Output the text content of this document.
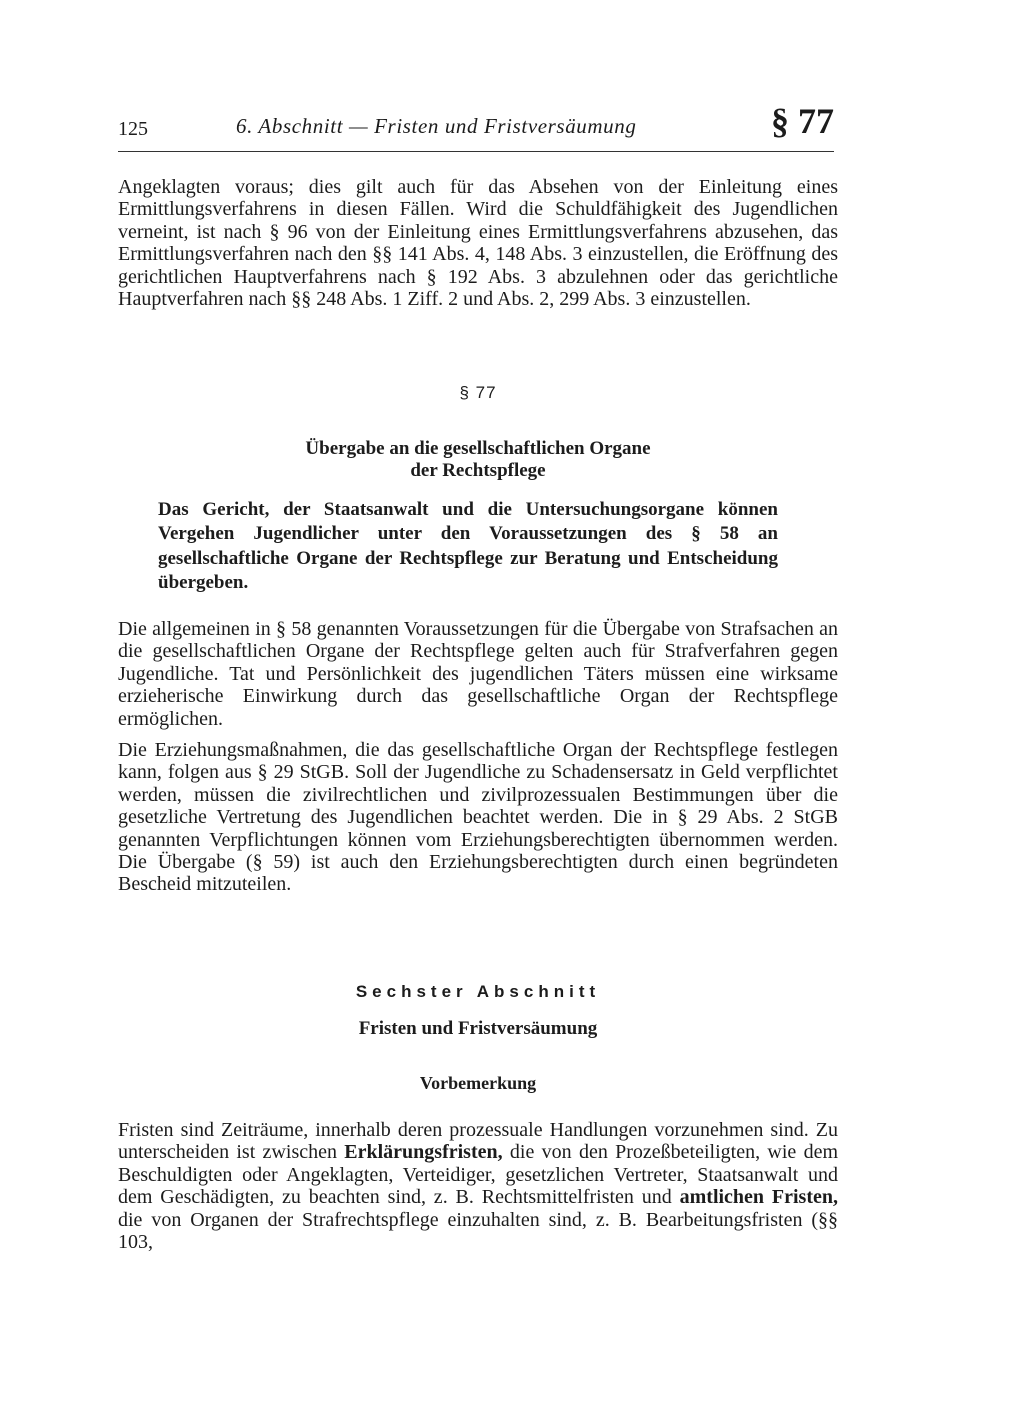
125	6. Abschnitt — Fristen und Fristversäumung	§ 77

Angeklagten voraus; dies gilt auch für das Absehen von der Einleitung eines Ermittlungsverfahrens in diesen Fällen. Wird die Schuldfähigkeit des Jugendlichen verneint, ist nach § 96 von der Einleitung eines Ermittlungsverfahrens abzusehen, das Ermittlungsverfahren nach den §§ 141 Abs. 4, 148 Abs. 3 einzustellen, die Eröffnung des gerichtlichen Hauptverfahrens nach § 192 Abs. 3 abzulehnen oder das gerichtliche Hauptverfahren nach §§ 248 Abs. 1 Ziff. 2 und Abs. 2, 299 Abs. 3 einzustellen.

§ 77
Übergabe an die gesellschaftlichen Organe
der Rechtspflege

Das Gericht, der Staatsanwalt und die Untersuchungsorgane können Vergehen Jugendlicher unter den Voraussetzungen des § 58 an gesellschaftliche Organe der Rechtspflege zur Beratung und Entscheidung übergeben.

Die allgemeinen in § 58 genannten Voraussetzungen für die Übergabe von Strafsachen an die gesellschaftlichen Organe der Rechtspflege gelten auch für Strafverfahren gegen Jugendliche. Tat und Persönlichkeit des jugendlichen Täters müssen eine wirksame erzieherische Einwirkung durch das gesellschaftliche Organ der Rechtspflege ermöglichen.

Die Erziehungsmaßnahmen, die das gesellschaftliche Organ der Rechtspflege festlegen kann, folgen aus § 29 StGB. Soll der Jugendliche zu Schadensersatz in Geld verpflichtet werden, müssen die zivilrechtlichen und zivilprozessualen Bestimmungen über die gesetzliche Vertretung des Jugendlichen beachtet werden. Die in § 29 Abs. 2 StGB genannten Verpflichtungen können vom Erziehungsberechtigten übernommen werden. Die Übergabe (§ 59) ist auch den Erziehungsberechtigten durch einen begründeten Bescheid mitzuteilen.

Sechster Abschnitt
Fristen und Fristversäumung
Vorbemerkung

Fristen sind Zeiträume, innerhalb deren prozessuale Handlungen vorzunehmen sind. Zu unterscheiden ist zwischen Erklärungsfristen, die von den Prozeßbeteiligten, wie dem Beschuldigten oder Angeklagten, Verteidiger, gesetzlichen Vertreter, Staatsanwalt und dem Geschädigten, zu beachten sind, z. B. Rechtsmittelfristen und amtlichen Fristen, die von Organen der Strafrechtspflege einzuhalten sind, z. B. Bearbeitungsfristen (§§ 103,
